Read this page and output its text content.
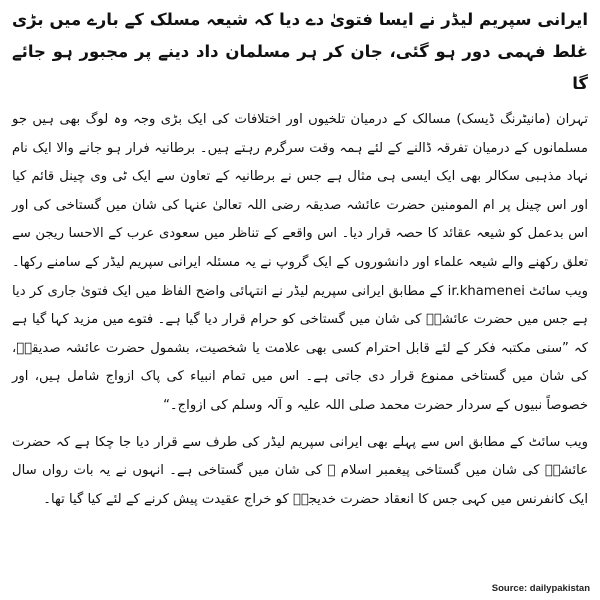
ایرانی سپریم لیڈر نے ایسا فتویٰ دے دیا کہ شیعہ مسلک کے بارے میں بڑی غلط فہمی دور ہو گئی، جان کر ہر مسلمان داد دینے پر مجبور ہو جائے گا

تہران (مانیٹرنگ ڈیسک) مسالک کے درمیان تلخیوں اور اختلافات کی ایک بڑی وجہ وہ لوگ بھی ہیں جو مسلمانوں کے درمیان تفرقہ ڈالنے کے لئے ہمہ وقت سرگرم رہتے ہیں۔ برطانیہ فرار ہو جانے والا ایک نام نہاد مذہبی سکالر بھی ایک ایسی ہی مثال ہے جس نے برطانیہ کے تعاون سے ایک ٹی وی چینل قائم کیا اور اس چینل پر ام المومنین حضرت عائشہ صدیقہ رضی اللہ تعالیٰ عنہا کی شان میں گستاخی کی اور اس بدعمل کو شیعہ عقائد کا حصہ قرار دیا۔ اس واقعے کے تناظر میں سعودی عرب کے الاحسا ریجن سے تعلق رکھنے والے شیعہ علماء اور دانشوروں کے ایک گروپ نے یہ مسئلہ ایرانی سپریم لیڈر کے سامنے رکھا۔ ویب سائٹ ir.khamenei کے مطابق ایرانی سپریم لیڈر نے انتہائی واضح الفاظ میں ایک فتویٰ جاری کر دیا ہے جس میں حضرت عائشہؓ کی شان میں گستاخی کو حرام قرار دیا گیا ہے۔ فتوے میں مزید کہا گیا ہے کہ ”سنی مکتبہ فکر کے لئے قابل احترام کسی بھی علامت یا شخصیت، بشمول حضرت عائشہ صدیقہؓ، کی شان میں گستاخی ممنوع قرار دی جاتی ہے۔ اس میں تمام انبیاء کی پاک ازواج شامل ہیں، اور خصوصاً نبیوں کے سردار حضرت محمد صلی اللہ علیہ و آلہ وسلم کی ازواج۔“

ویب سائٹ کے مطابق اس سے پہلے بھی ایرانی سپریم لیڈر کی طرف سے قرار دیا جا چکا ہے کہ حضرت عائشہؓ کی شان میں گستاخی پیغمبر اسلام ﷺ کی شان میں گستاخی ہے۔ انہوں نے یہ بات رواں سال ایک کانفرنس میں کہی جس کا انعقاد حضرت خدیجہؓ کو خراج عقیدت پیش کرنے کے لئے کیا گیا تھا۔

Source: dailypakistan
